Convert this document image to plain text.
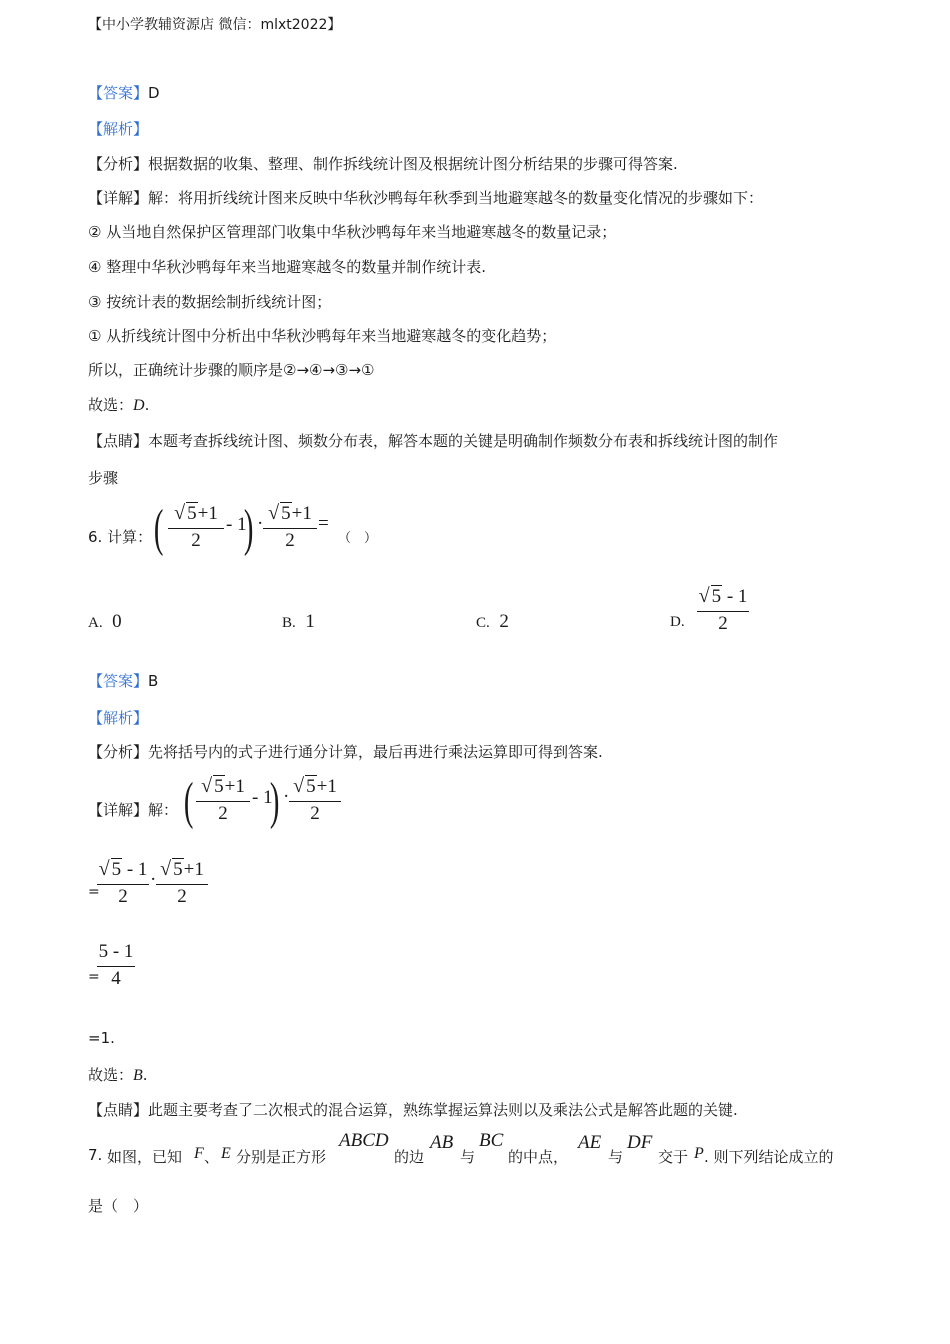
【中小学教辅资源店 微信：mlxt2022】
【答案】D
【解析】
【分析】根据数据的收集、整理、制作拆线统计图及根据统计图分析结果的步骤可得答案.
【详解】解：将用折线统计图来反映中华秋沙鸭每年秋季到当地避寒越冬的数量变化情况的步骤如下：
② 从当地自然保护区管理部门收集中华秋沙鸭每年来当地避寒越冬的数量记录；
④ 整理中华秋沙鸭每年来当地避寒越冬的数量并制作统计表.
③ 按统计表的数据绘制折线统计图；
① 从折线统计图中分析出中华秋沙鸭每年来当地避寒越冬的变化趋势；
所以，正确统计步骤的顺序是②→④→③→①
故选：D.
【点睛】本题考查拆线统计图、频数分布表，解答本题的关键是明确制作频数分布表和拆线统计图的制作
步骤
6. 计算： ( √ 5+1
2
- 1
) · √ 5+1
2
=
（　）
A. 0	B. 1	C. 2	D.
√ 5 - 1
2
【答案】B
【解析】
【分析】先将括号内的式子进行通分计算，最后再进行乘法运算即可得到答案.
【详解】解： ( √ 5+1
2
- 1
) · √ 5+1
2
=
√ 5 - 1
2
· √ 5+1
2
=
5 - 1
4
=1.
故选：B.
【点睛】此题主要考查了二次根式的混合运算，熟练掌握运算法则以及乘法公式是解答此题的关键.
7. 如图，已知 F 、 E 分别是正方形
ABCD
的边
AB
与
BC
的中点，
AE
与
DF
交于 P . 则下列结论成立的
是（　）
